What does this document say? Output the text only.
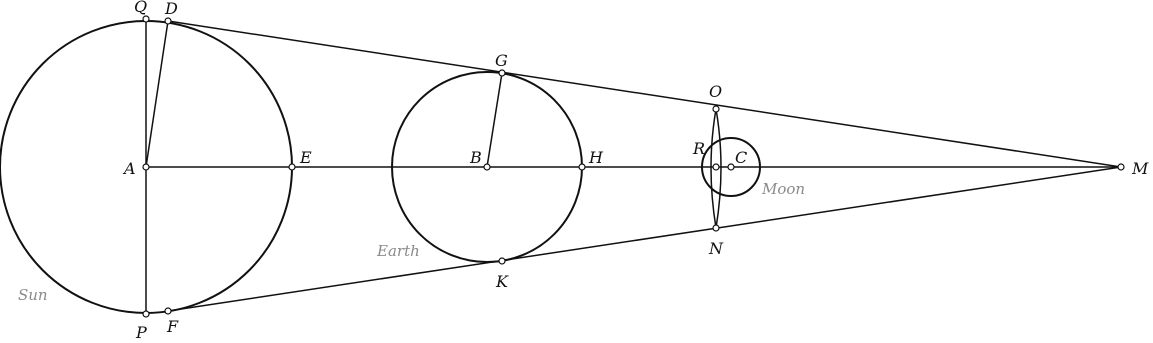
Q D
A
E
P F
G
B	H
K
O
R C
N
M
Sun
Earth
Moon
